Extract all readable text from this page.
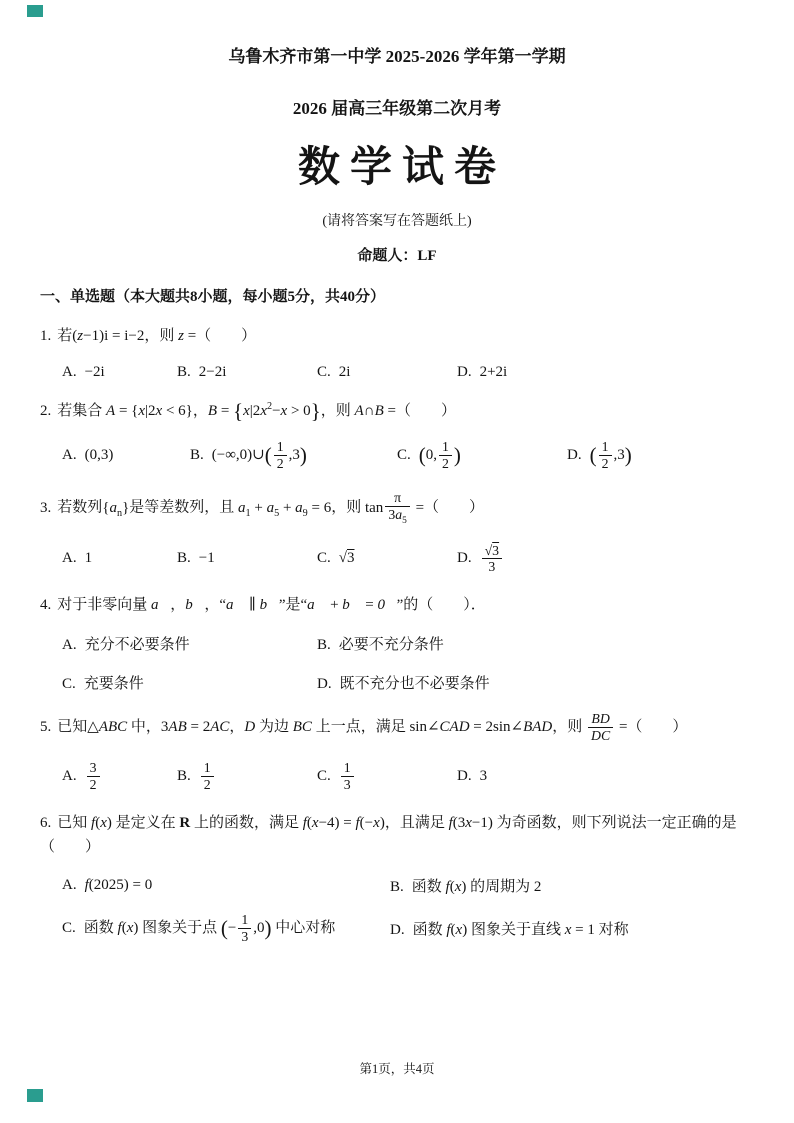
乌鲁木齐市第一中学 2025-2026 学年第一学期
2026 届高三年级第二次月考
数学试卷
(请将答案写在答题纸上)
命题人：LF
一、单选题（本大题共8小题，每小题5分，共40分）
1. 若(z−1)i = i−2，则 z =（　　）
A. −2i	B. 2−2i	C. 2i	D. 2+2i
2. 若集合 A = {x|2x < 6}，$B = \{x|2x^2-x > 0\}$，则 A∩B =（　　）
A. (0,3)	B. (−∞,0)∪( $\frac{1}{2} ,3$)	C. (0, $\frac{1}{2}$ )	D. ( $\frac{1}{2} ,3$)
3. 若数列$\{a_n\}$是等差数列，且 $a_1 + a_5 + a_9 = 6$，则 $\tan \frac{\pi}{3a_5}$ =（　　）
A. 1	B. −1	C. √3	D. $\frac{√3}{3}$
4. 对于非零向量 a⃗，b⃗，“a⃗ ∥ b⃗”是“a⃗ + b⃗ = 0⃗”的（　　）．
A. 充分不必要条件	B. 必要不充分条件
C. 充要条件	D. 既不充分也不必要条件
5. 已知△ABC 中，3AB = 2AC，D 为边 BC 上一点，满足 sin∠CAD = 2sin∠BAD，则 $\frac{BD}{DC}$ =（　　）
A. $\frac{3}{2}$	B. $\frac{1}{2}$	C. $\frac{1}{3}$	D. 3
6. 已知 f(x) 是定义在 R 上的函数，满足 f(x−4) = f(−x)，且满足 f(3x−1) 为奇函数，则下列说法一定正确的是（　　）
A. f(2025) = 0	B. 函数 f(x) 的周期为 2
C. 函数 f(x) 图象关于点 (− $\frac{1}{3} ,0$) 中心对称	D. 函数 f(x) 图象关于直线 x = 1 对称
第1页，共4页
